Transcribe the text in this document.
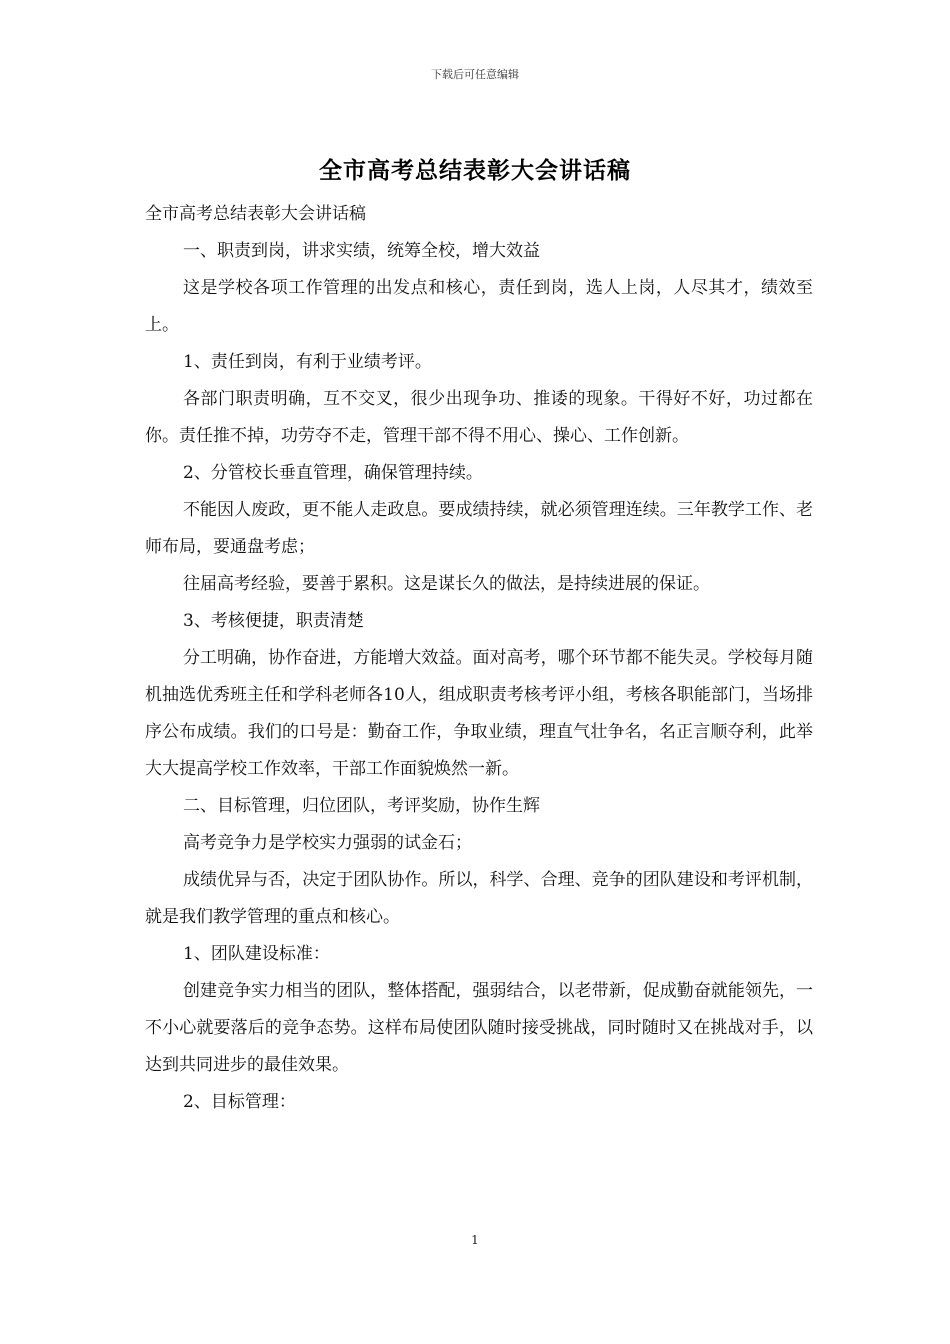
下载后可任意编辑
全市高考总结表彰大会讲话稿

全市高考总结表彰大会讲话稿

一、职责到岗，讲求实绩，统筹全校，增大效益

这是学校各项工作管理的出发点和核心，责任到岗，选人上岗，人尽其才，绩效至上。

1、责任到岗，有利于业绩考评。

各部门职责明确，互不交叉，很少出现争功、推诿的现象。干得好不好，功过都在你。责任推不掉，功劳夺不走，管理干部不得不用心、操心、工作创新。

2、分管校长垂直管理，确保管理持续。

不能因人废政，更不能人走政息。要成绩持续，就必须管理连续。三年教学工作、老师布局，要通盘考虑；

往届高考经验，要善于累积。这是谋长久的做法，是持续进展的保证。

3、考核便捷，职责清楚

分工明确，协作奋进，方能增大效益。面对高考，哪个环节都不能失灵。学校每月随机抽选优秀班主任和学科老师各10人，组成职责考核考评小组，考核各职能部门，当场排序公布成绩。我们的口号是：勤奋工作，争取业绩，理直气壮争名，名正言顺夺利，此举大大提高学校工作效率，干部工作面貌焕然一新。

二、目标管理，归位团队，考评奖励，协作生辉

高考竞争力是学校实力强弱的试金石；

成绩优异与否，决定于团队协作。所以，科学、合理、竞争的团队建设和考评机制，就是我们教学管理的重点和核心。

1、团队建设标准：

创建竞争实力相当的团队，整体搭配，强弱结合，以老带新，促成勤奋就能领先，一不小心就要落后的竞争态势。这样布局使团队随时接受挑战，同时随时又在挑战对手，以达到共同进步的最佳效果。

2、目标管理：

1
